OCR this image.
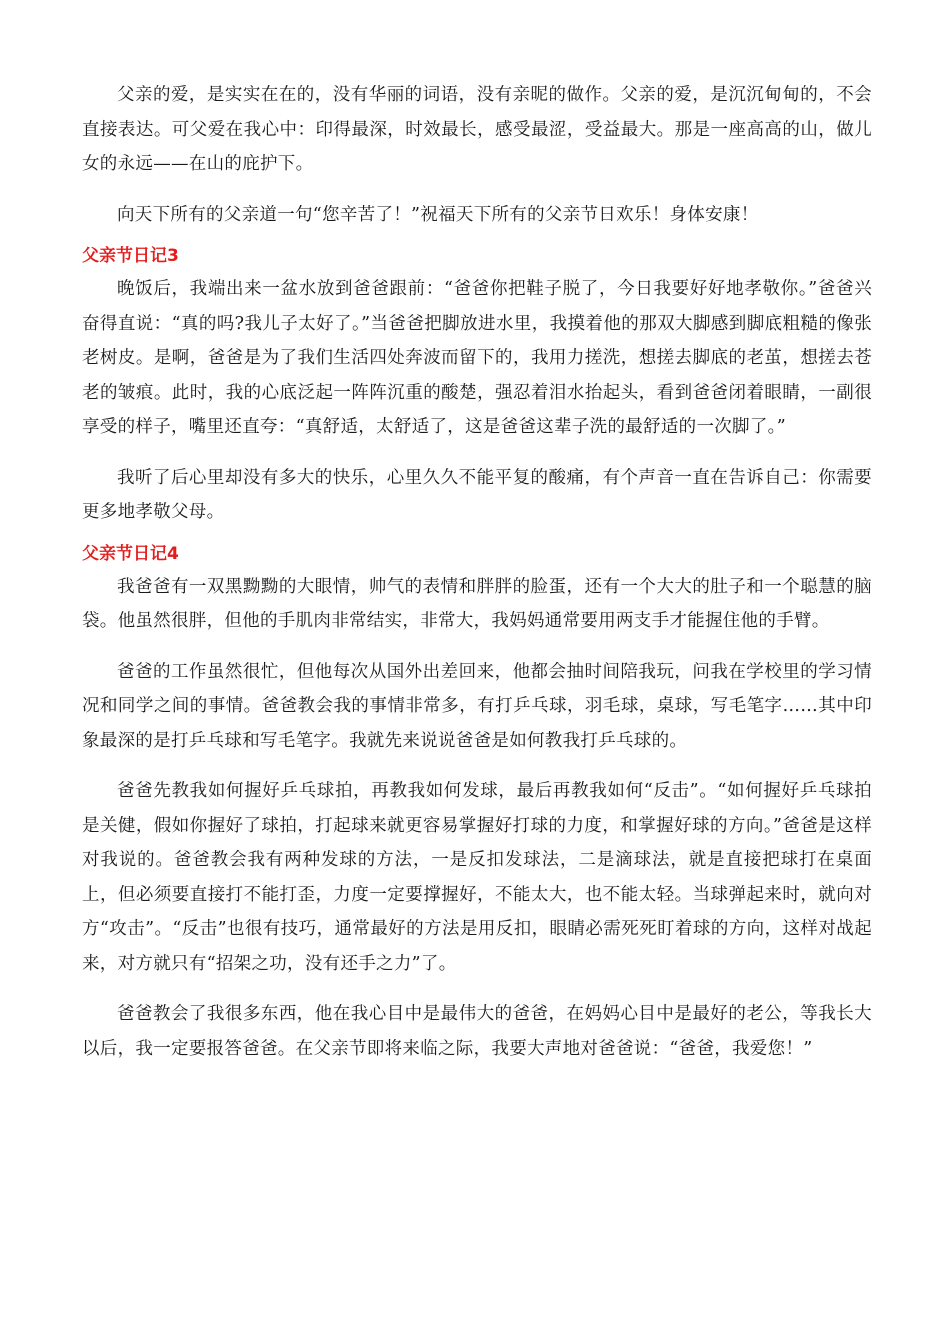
父亲的爱，是实实在在的，没有华丽的词语，没有亲昵的做作。父亲的爱，是沉沉甸甸的，不会直接表达。可父爱在我心中：印得最深，时效最长，感受最涩，受益最大。那是一座高高的山，做儿女的永远——在山的庇护下。

向天下所有的父亲道一句“您辛苦了！”祝福天下所有的父亲节日欢乐！身体安康！

父亲节日记3

晚饭后，我端出来一盆水放到爸爸跟前：“爸爸你把鞋子脱了，今日我要好好地孝敬你。”爸爸兴奋得直说：“真的吗?我儿子太好了。”当爸爸把脚放进水里，我摸着他的那双大脚感到脚底粗糙的像张老树皮。是啊，爸爸是为了我们生活四处奔波而留下的，我用力搓洗，想搓去脚底的老茧，想搓去苍老的皱痕。此时，我的心底泛起一阵阵沉重的酸楚，强忍着泪水抬起头，看到爸爸闭着眼睛，一副很享受的样子，嘴里还直夸：“真舒适，太舒适了，这是爸爸这辈子洗的最舒适的一次脚了。”

我听了后心里却没有多大的快乐，心里久久不能平复的酸痛，有个声音一直在告诉自己：你需要更多地孝敬父母。

父亲节日记4

我爸爸有一双黑黝黝的大眼情，帅气的表情和胖胖的脸蛋，还有一个大大的肚子和一个聪慧的脑袋。他虽然很胖，但他的手肌肉非常结实，非常大，我妈妈通常要用两支手才能握住他的手臂。

爸爸的工作虽然很忙，但他每次从国外出差回来，他都会抽时间陪我玩，问我在学校里的学习情况和同学之间的事情。爸爸教会我的事情非常多，有打乒乓球，羽毛球，桌球，写毛笔字……其中印象最深的是打乒乓球和写毛笔字。我就先来说说爸爸是如何教我打乒乓球的。

爸爸先教我如何握好乒乓球拍，再教我如何发球，最后再教我如何“反击”。“如何握好乒乓球拍是关健，假如你握好了球拍，打起球来就更容易掌握好打球的力度，和掌握好球的方向。”爸爸是这样对我说的。爸爸教会我有两种发球的方法，一是反扣发球法，二是滴球法，就是直接把球打在桌面上，但必须要直接打不能打歪，力度一定要撑握好，不能太大，也不能太轻。当球弹起来时，就向对方“攻击”。“反击”也很有技巧，通常最好的方法是用反扣，眼睛必需死死盯着球的方向，这样对战起来，对方就只有“招架之功，没有还手之力”了。

爸爸教会了我很多东西，他在我心目中是最伟大的爸爸，在妈妈心目中是最好的老公，等我长大以后，我一定要报答爸爸。在父亲节即将来临之际，我要大声地对爸爸说：“爸爸，我爱您！”
